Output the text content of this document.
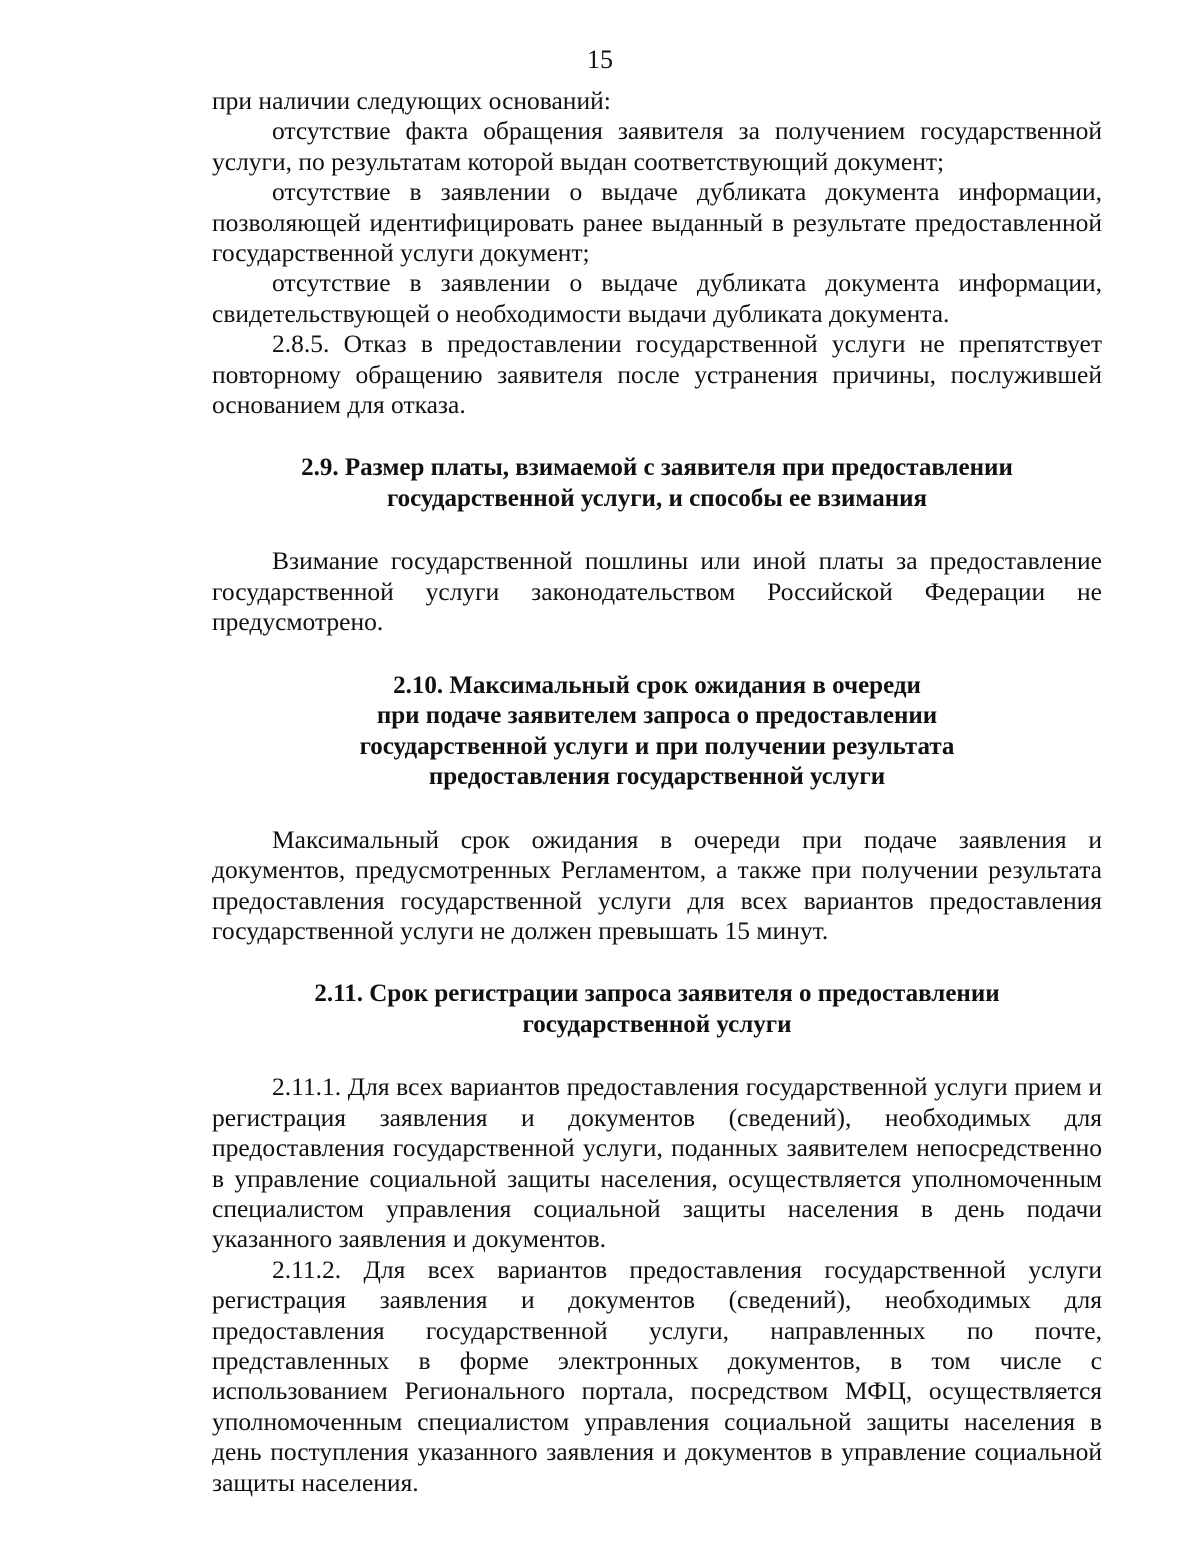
15

при наличии следующих оснований:

отсутствие факта обращения заявителя за получением государственной услуги, по результатам которой выдан соответствующий документ;

отсутствие в заявлении о выдаче дубликата документа информации, позволяющей идентифицировать ранее выданный в результате предоставленной государственной услуги документ;

отсутствие в заявлении о выдаче дубликата документа информации, свидетельствующей о необходимости выдачи дубликата документа.

2.8.5. Отказ в предоставлении государственной услуги не препятствует повторному обращению заявителя после устранения причины, послужившей основанием для отказа.

2.9. Размер платы, взимаемой с заявителя при предоставлении
государственной услуги, и способы ее взимания

Взимание государственной пошлины или иной платы за предоставление государственной услуги законодательством Российской Федерации не предусмотрено.

2.10. Максимальный срок ожидания в очереди
при подаче заявителем запроса о предоставлении
государственной услуги и при получении результата
предоставления государственной услуги

Максимальный срок ожидания в очереди при подаче заявления и документов, предусмотренных Регламентом, а также при получении результата предоставления государственной услуги для всех вариантов предоставления государственной услуги не должен превышать 15 минут.

2.11. Срок регистрации запроса заявителя о предоставлении
государственной услуги

2.11.1. Для всех вариантов предоставления государственной услуги прием и регистрация заявления и документов (сведений), необходимых для предоставления государственной услуги, поданных заявителем непосредственно в управление социальной защиты населения, осуществляется уполномоченным специалистом управления социальной защиты населения в день подачи указанного заявления и документов.

2.11.2. Для всех вариантов предоставления государственной услуги регистрация заявления и документов (сведений), необходимых для предоставления государственной услуги, направленных по почте, представленных в форме электронных документов, в том числе с использованием Регионального портала, посредством МФЦ, осуществляется уполномоченным специалистом управления социальной защиты населения в день поступления указанного заявления и документов в управление социальной защиты населения.
